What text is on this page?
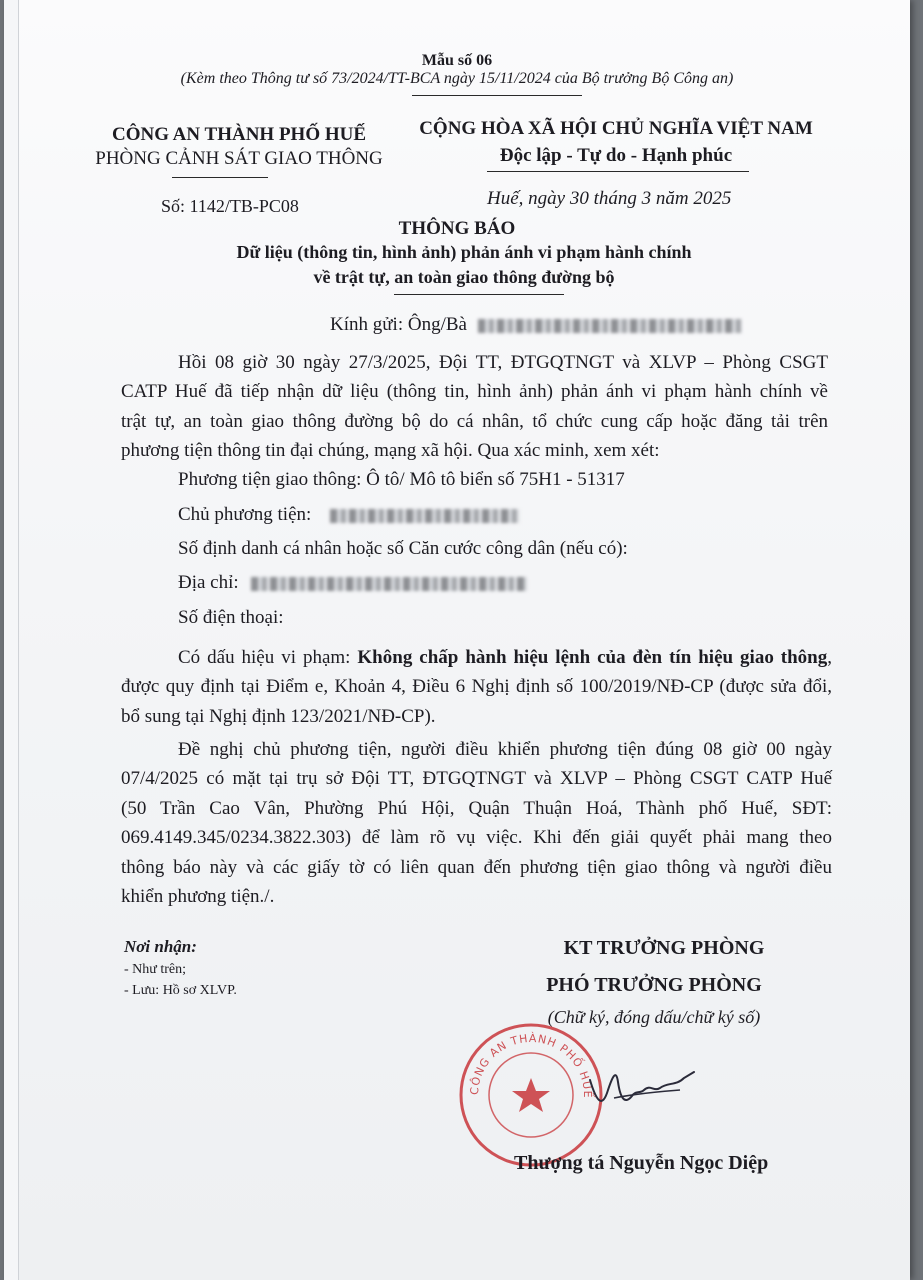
Mẫu số 06
(Kèm theo Thông tư số 73/2024/TT-BCA ngày 15/11/2024 của Bộ trưởng Bộ Công an)
CÔNG AN THÀNH PHỐ HUẾ
PHÒNG CẢNH SÁT GIAO THÔNG
Số: 1142/TB-PC08
CỘNG HÒA XÃ HỘI CHỦ NGHĨA VIỆT NAM
Độc lập - Tự do - Hạnh phúc
Huế, ngày 30 tháng 3 năm 2025
THÔNG BÁO
Dữ liệu (thông tin, hình ảnh) phản ánh vi phạm hành chính
về trật tự, an toàn giao thông đường bộ
Kính gửi: Ông/Bà
Hồi 08 giờ 30 ngày 27/3/2025, Đội TT, ĐTGQTNGT và XLVP – Phòng CSGT
CATP Huế đã tiếp nhận dữ liệu (thông tin, hình ảnh) phản ánh vi phạm hành chính về
trật tự, an toàn giao thông đường bộ do cá nhân, tổ chức cung cấp hoặc đăng tải trên
phương tiện thông tin đại chúng, mạng xã hội. Qua xác minh, xem xét:
Phương tiện giao thông: Ô tô/ Mô tô biển số 75H1 - 51317
Chủ phương tiện:
Số định danh cá nhân hoặc số Căn cước công dân (nếu có):
Địa chỉ:
Số điện thoại:
Có dấu hiệu vi phạm: Không chấp hành hiệu lệnh của đèn tín hiệu giao thông,
được quy định tại Điểm e, Khoản 4, Điều 6 Nghị định số 100/2019/NĐ-CP (được sửa đổi,
bổ sung tại Nghị định 123/2021/NĐ-CP).
Đề nghị chủ phương tiện, người điều khiển phương tiện đúng 08 giờ 00 ngày
07/4/2025 có mặt tại trụ sở Đội TT, ĐTGQTNGT và XLVP – Phòng CSGT CATP Huế
(50 Trần Cao Vân, Phường Phú Hội, Quận Thuận Hoá, Thành phố Huế, SĐT:
069.4149.345/0234.3822.303) để làm rõ vụ việc. Khi đến giải quyết phải mang theo
thông báo này và các giấy tờ có liên quan đến phương tiện giao thông và người điều
khiển phương tiện./.
Nơi nhận:
- Như trên;
- Lưu: Hồ sơ XLVP.
KT TRƯỞNG PHÒNG
PHÓ TRƯỞNG PHÒNG
(Chữ ký, đóng dấu/chữ ký số)
CÔNG AN THÀNH PHỐ HUẾ
Thượng tá Nguyễn Ngọc Diệp
